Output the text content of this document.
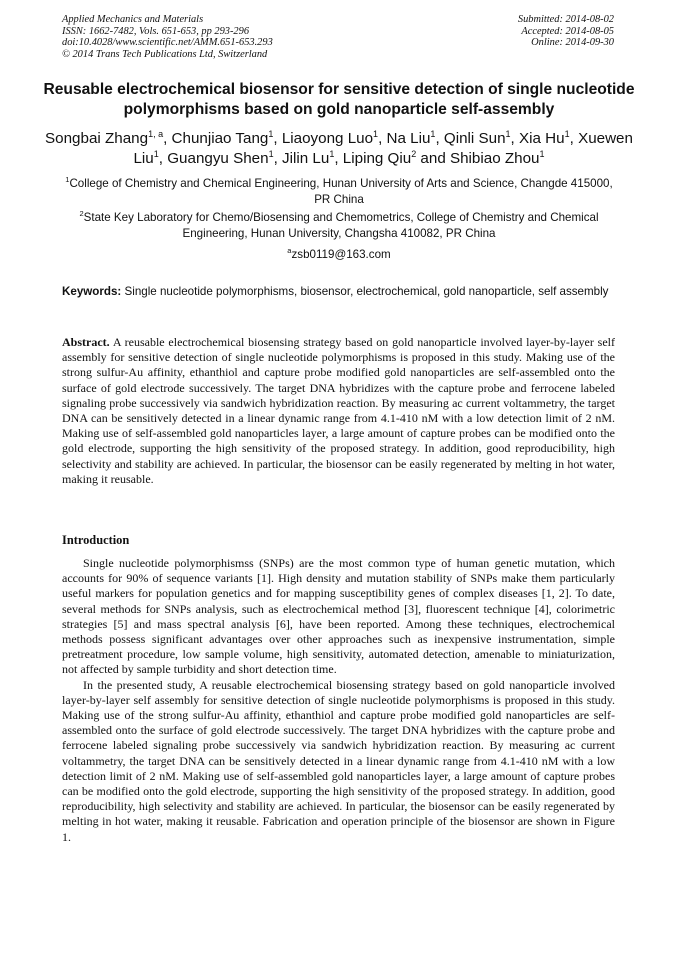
Applied Mechanics and Materials
ISSN: 1662-7482, Vols. 651-653, pp 293-296
doi:10.4028/www.scientific.net/AMM.651-653.293
© 2014 Trans Tech Publications Ltd, Switzerland
Submitted: 2014-08-02
Accepted: 2014-08-05
Online: 2014-09-30
Reusable electrochemical biosensor for sensitive detection of single nucleotide polymorphisms based on gold nanoparticle self-assembly
Songbai Zhang$^{1, a}$, Chunjiao Tang$^1$, Liaoyong Luo$^1$, Na Liu$^1$, Qinli Sun$^1$, Xia Hu$^1$, Xuewen Liu$^1$, Guangyu Shen$^1$, Jilin Lu$^1$, Liping Qiu$^2$ and Shibiao Zhou$^1$
$^1$College of Chemistry and Chemical Engineering, Hunan University of Arts and Science, Changde 415000, PR China
$^2$State Key Laboratory for Chemo/Biosensing and Chemometrics, College of Chemistry and Chemical Engineering, Hunan University, Changsha 410082, PR China
$^a$zsb0119@163.com
Keywords: Single nucleotide polymorphisms, biosensor, electrochemical, gold nanoparticle, self assembly
Abstract. A reusable electrochemical biosensing strategy based on gold nanoparticle involved layer-by-layer self assembly for sensitive detection of single nucleotide polymorphisms is proposed in this study. Making use of the strong sulfur-Au affinity, ethanthiol and capture probe modified gold nanoparticles are self-assembled onto the surface of gold electrode successively. The target DNA hybridizes with the capture probe and ferrocene labeled signaling probe successively via sandwich hybridization reaction. By measuring ac current voltammetry, the target DNA can be sensitively detected in a linear dynamic range from 4.1-410 nM with a low detection limit of 2 nM. Making use of self-assembled gold nanoparticles layer, a large amount of capture probes can be modified onto the gold electrode, supporting the high sensitivity of the proposed strategy. In addition, good reproducibility, high selectivity and stability are achieved. In particular, the biosensor can be easily regenerated by melting in hot water, making it reusable.
Introduction

Single nucleotide polymorphismss (SNPs) are the most common type of human genetic mutation, which accounts for 90% of sequence variants [1]. High density and mutation stability of SNPs make them particularly useful markers for population genetics and for mapping susceptibility genes of complex diseases [1, 2]. To date, several methods for SNPs analysis, such as electrochemical method [3], fluorescent technique [4], colorimetric strategies [5] and mass spectral analysis [6], have been reported. Among these techniques, electrochemical methods possess significant advantages over other approaches such as inexpensive instrumentation, simple pretreatment procedure, low sample volume, high sensitivity, automated detection, amenable to miniaturization, not affected by sample turbidity and short detection time.

In the presented study, A reusable electrochemical biosensing strategy based on gold nanoparticle involved layer-by-layer self assembly for sensitive detection of single nucleotide polymorphisms is proposed in this study. Making use of the strong sulfur-Au affinity, ethanthiol and capture probe modified gold nanoparticles are self-assembled onto the surface of gold electrode successively. The target DNA hybridizes with the capture probe and ferrocene labeled signaling probe successively via sandwich hybridization reaction. By measuring ac current voltammetry, the target DNA can be sensitively detected in a linear dynamic range from 4.1-410 nM with a low detection limit of 2 nM. Making use of self-assembled gold nanoparticles layer, a large amount of capture probes can be modified onto the gold electrode, supporting the high sensitivity of the proposed strategy. In addition, good reproducibility, high selectivity and stability are achieved. In particular, the biosensor can be easily regenerated by melting in hot water, making it reusable. Fabrication and operation principle of the biosensor are shown in Figure 1.
